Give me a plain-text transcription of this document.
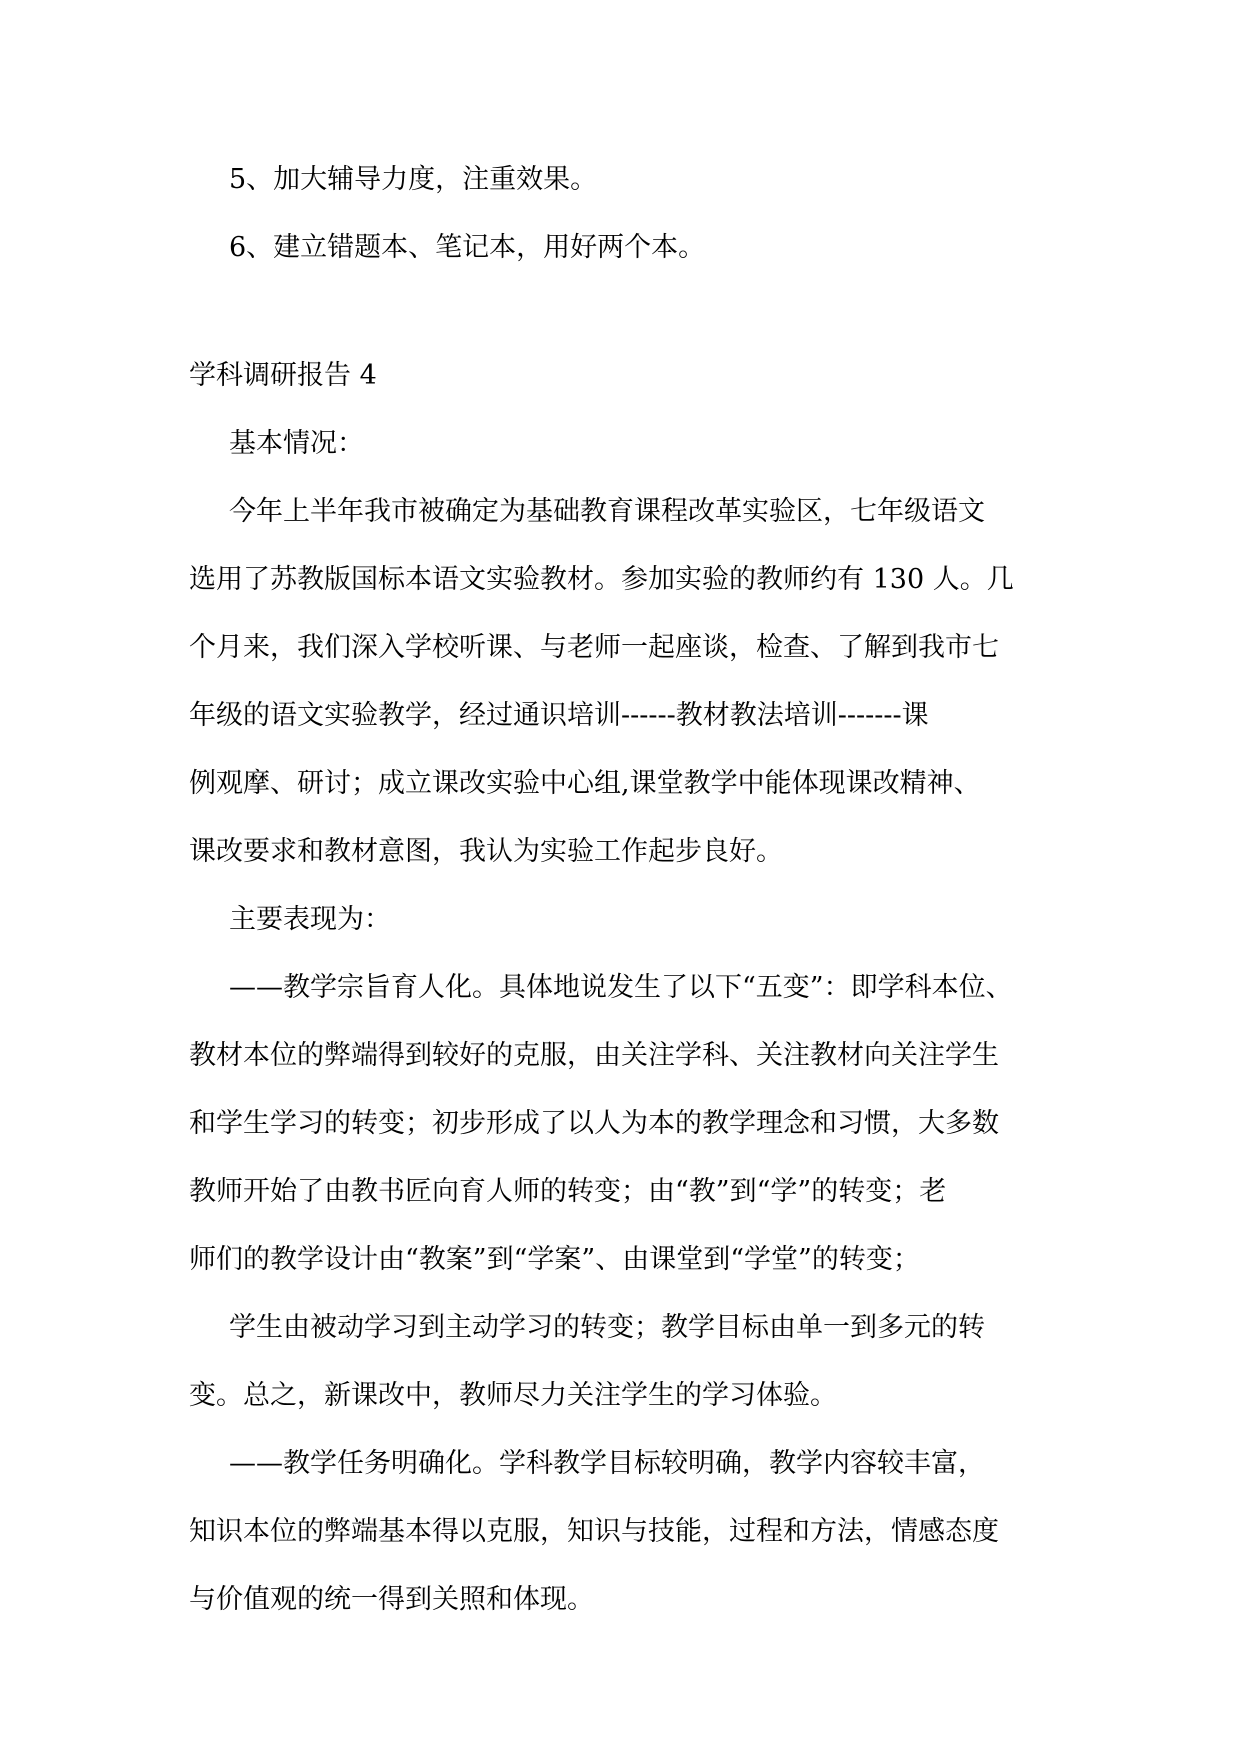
5、加大辅导力度，注重效果。

6、建立错题本、笔记本，用好两个本。

学科调研报告 4

基本情况：

今年上半年我市被确定为基础教育课程改革实验区，七年级语文

选用了苏教版国标本语文实验教材。参加实验的教师约有 130 人。几

个月来，我们深入学校听课、与老师一起座谈，检查、了解到我市七

年级的语文实验教学，经过通识培训------教材教法培训-------课

例观摩、研讨；成立课改实验中心组,课堂教学中能体现课改精神、

课改要求和教材意图，我认为实验工作起步良好。

主要表现为：

——教学宗旨育人化。具体地说发生了以下“五变”：即学科本位、

教材本位的弊端得到较好的克服，由关注学科、关注教材向关注学生

和学生学习的转变；初步形成了以人为本的教学理念和习惯，大多数

教师开始了由教书匠向育人师的转变；由“教”到“学”的转变；老

师们的教学设计由“教案”到“学案”、由课堂到“学堂”的转变；

学生由被动学习到主动学习的转变；教学目标由单一到多元的转

变。总之，新课改中，教师尽力关注学生的学习体验。

——教学任务明确化。学科教学目标较明确，教学内容较丰富，

知识本位的弊端基本得以克服，知识与技能，过程和方法，情感态度

与价值观的统一得到关照和体现。
